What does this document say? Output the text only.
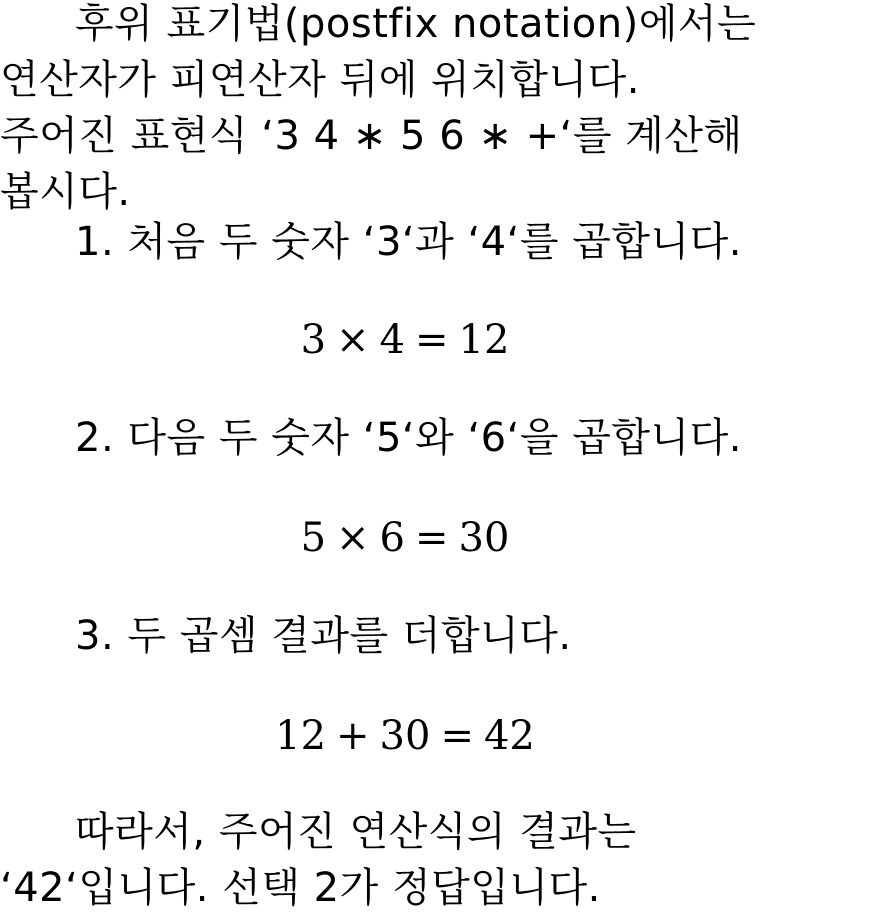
후위 표기법(postfix notation)에서는
연산자가 피연산자 뒤에 위치합니다.
주어진 표현식 ‘3 4 ∗ 5 6 ∗ +‘를 계산해
봅시다.
1. 처음 두 숫자 ‘3‘과 ‘4‘를 곱합니다.
3 × 4 = 12
2. 다음 두 숫자 ‘5‘와 ‘6‘을 곱합니다.
5 × 6 = 30
3. 두 곱셈 결과를 더합니다.
12 + 30 = 42
따라서, 주어진 연산식의 결과는
‘42‘입니다. 선택 2가 정답입니다.
